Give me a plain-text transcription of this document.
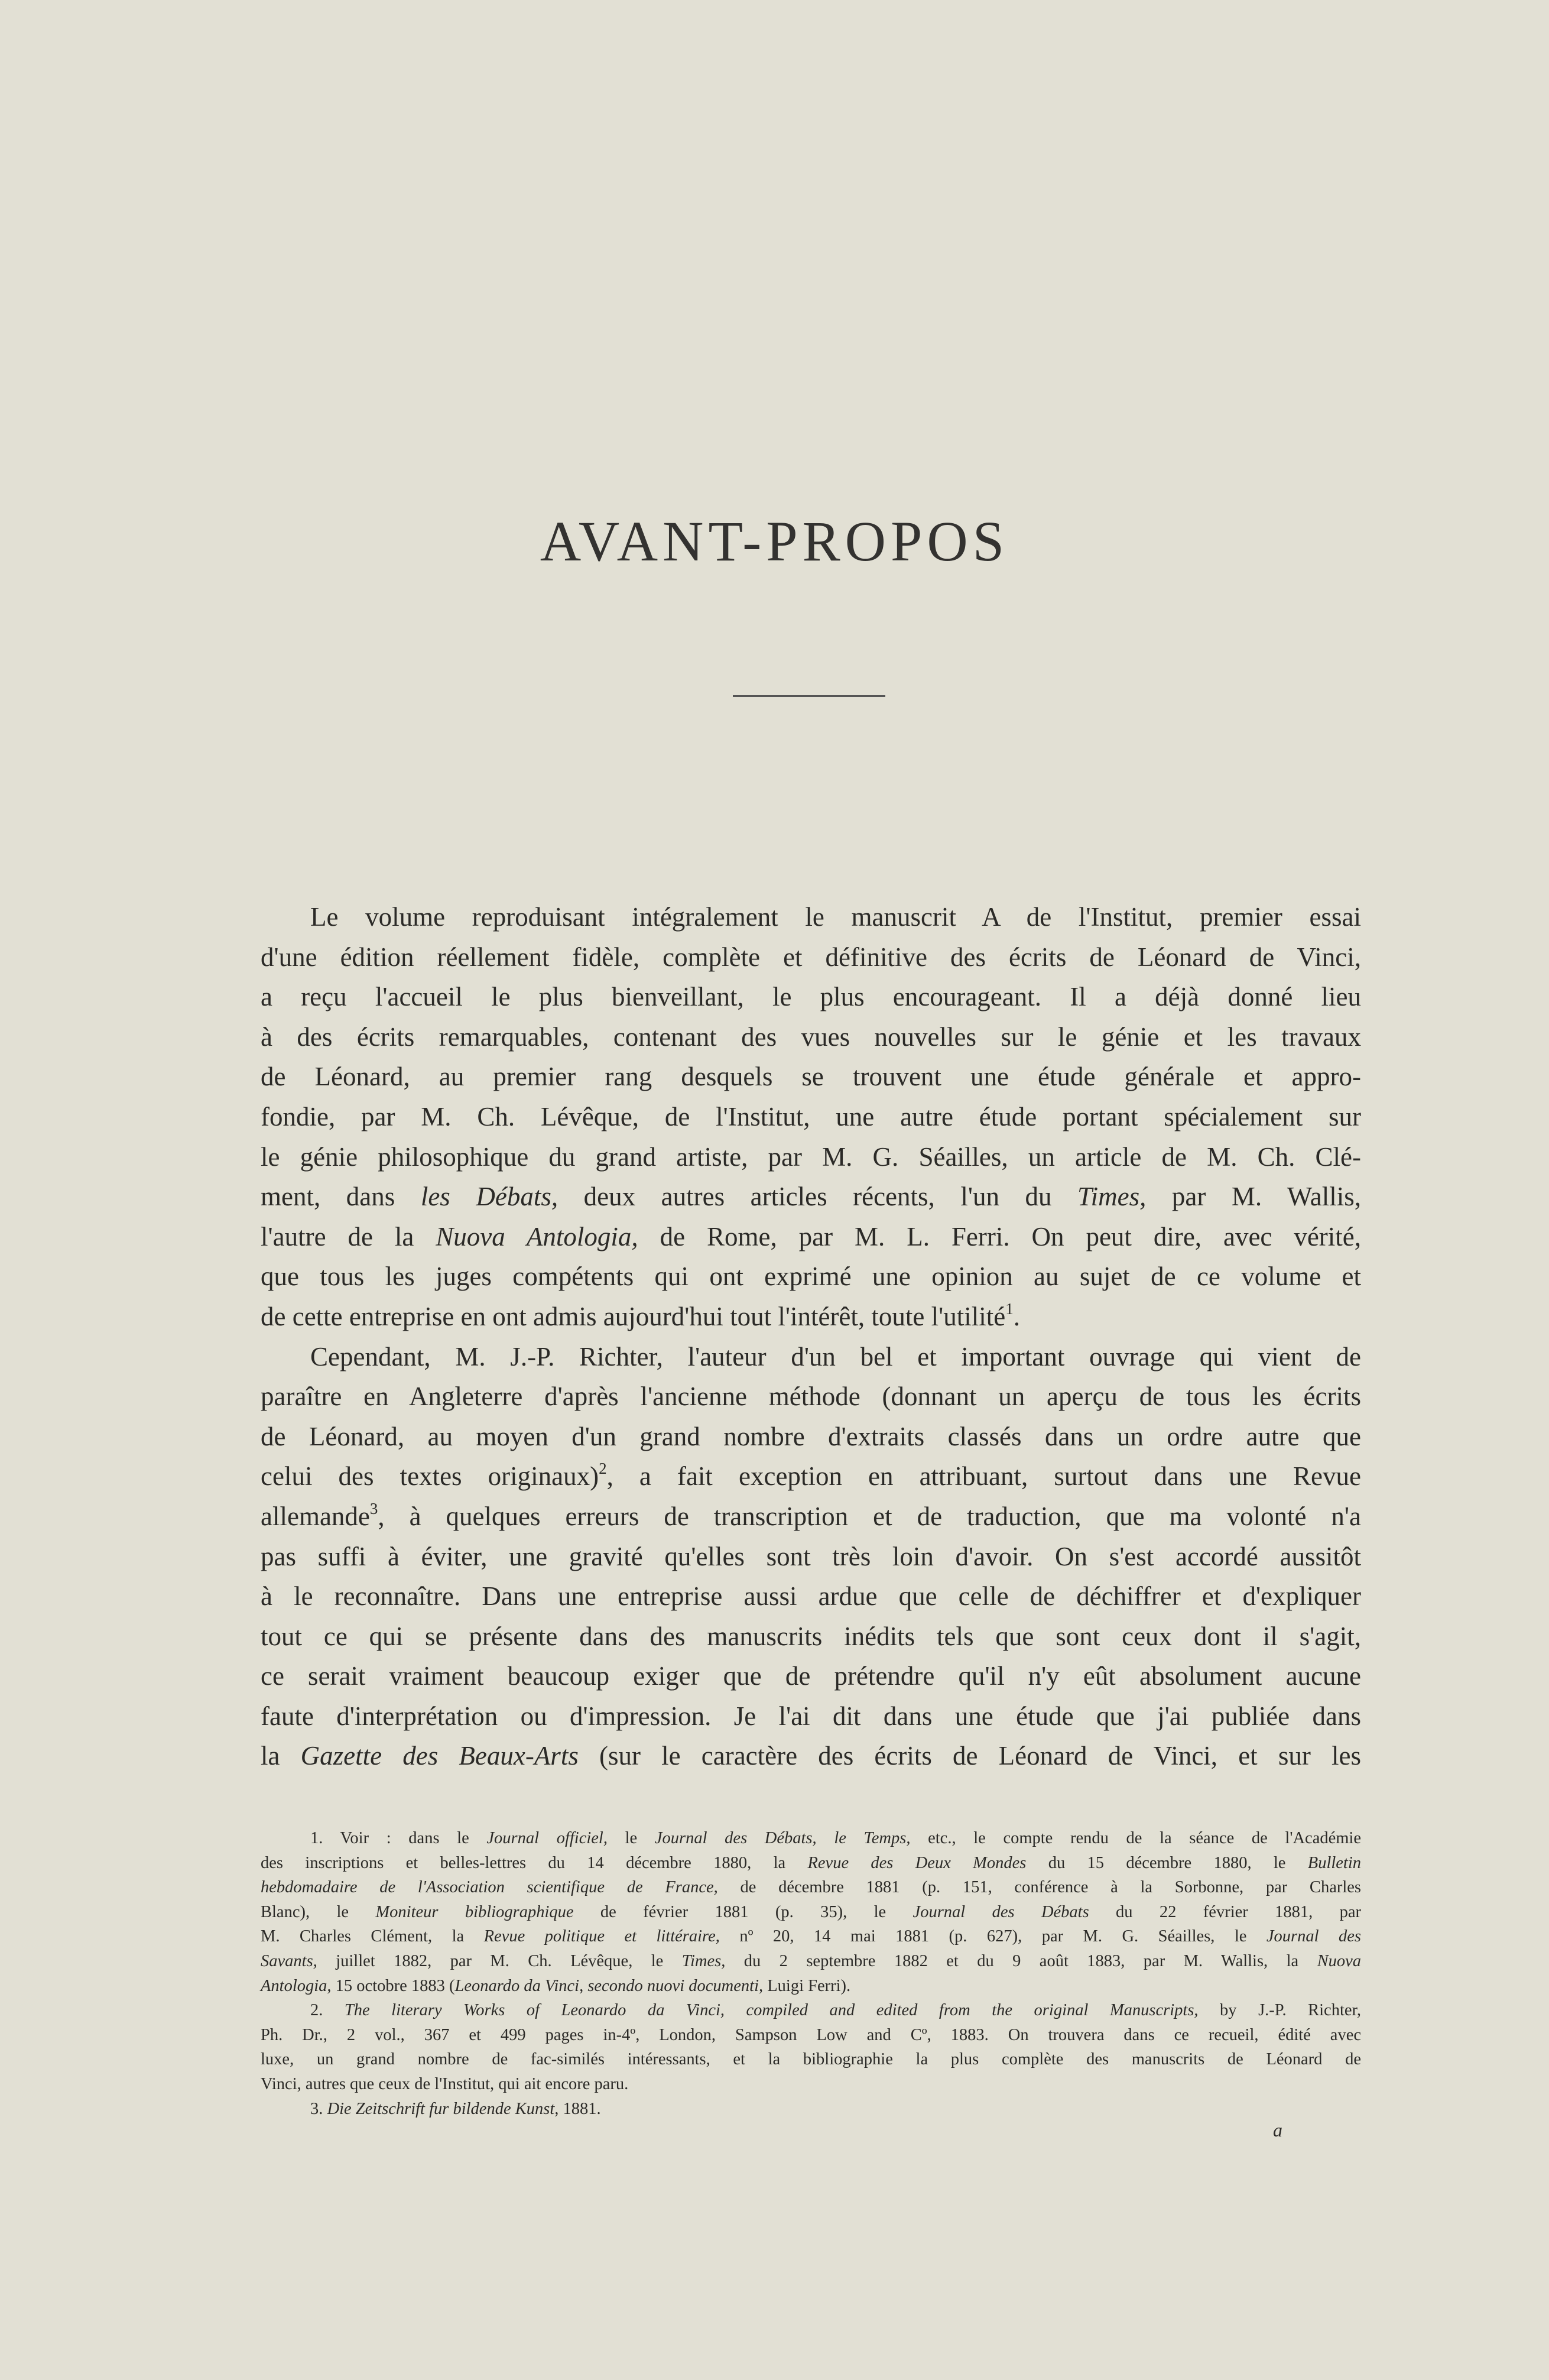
AVANT-PROPOS
Le volume reproduisant intégralement le manuscrit A de l'Institut, premier essai
d'une édition réellement fidèle, complète et définitive des écrits de Léonard de Vinci,
a reçu l'accueil le plus bienveillant, le plus encourageant. Il a déjà donné lieu
à des écrits remarquables, contenant des vues nouvelles sur le génie et les travaux
de Léonard, au premier rang desquels se trouvent une étude générale et appro-
fondie, par M. Ch. Lévêque, de l'Institut, une autre étude portant spécialement sur
le génie philosophique du grand artiste, par M. G. Séailles, un article de M. Ch. Clé-
ment, dans les Débats, deux autres articles récents, l'un du Times, par M. Wallis,
l'autre de la Nuova Antologia, de Rome, par M. L. Ferri. On peut dire, avec vérité,
que tous les juges compétents qui ont exprimé une opinion au sujet de ce volume et
de cette entreprise en ont admis aujourd'hui tout l'intérêt, toute l'utilité$^1$.
Cependant, M. J.-P. Richter, l'auteur d'un bel et important ouvrage qui vient de
paraître en Angleterre d'après l'ancienne méthode (donnant un aperçu de tous les écrits
de Léonard, au moyen d'un grand nombre d'extraits classés dans un ordre autre que
celui des textes originaux)$^2$, a fait exception en attribuant, surtout dans une Revue
allemande$^3$, à quelques erreurs de transcription et de traduction, que ma volonté n'a
pas suffi à éviter, une gravité qu'elles sont très loin d'avoir. On s'est accordé aussitôt
à le reconnaître. Dans une entreprise aussi ardue que celle de déchiffrer et d'expliquer
tout ce qui se présente dans des manuscrits inédits tels que sont ceux dont il s'agit,
ce serait vraiment beaucoup exiger que de prétendre qu'il n'y eût absolument aucune
faute d'interprétation ou d'impression. Je l'ai dit dans une étude que j'ai publiée dans
la Gazette des Beaux-Arts (sur le caractère des écrits de Léonard de Vinci, et sur les
1. Voir : dans le Journal officiel, le Journal des Débats, le Temps, etc., le compte rendu de la séance de l'Académie
des inscriptions et belles-lettres du 14 décembre 1880, la Revue des Deux Mondes du 15 décembre 1880, le Bulletin
hebdomadaire de l'Association scientifique de France, de décembre 1881 (p. 151, conférence à la Sorbonne, par Charles
Blanc), le Moniteur bibliographique de février 1881 (p. 35), le Journal des Débats du 22 février 1881, par
M. Charles Clément, la Revue politique et littéraire, nº 20, 14 mai 1881 (p. 627), par M. G. Séailles, le Journal des
Savants, juillet 1882, par M. Ch. Lévêque, le Times, du 2 septembre 1882 et du 9 août 1883, par M. Wallis, la Nuova
Antologia, 15 octobre 1883 (Leonardo da Vinci, secondo nuovi documenti, Luigi Ferri).
2. The literary Works of Leonardo da Vinci, compiled and edited from the original Manuscripts, by J.-P. Richter,
Ph. Dr., 2 vol., 367 et 499 pages in-4º, London, Sampson Low and Cº, 1883. On trouvera dans ce recueil, édité avec
luxe, un grand nombre de fac-similés intéressants, et la bibliographie la plus complète des manuscrits de Léonard de
Vinci, autres que ceux de l'Institut, qui ait encore paru.
3. Die Zeitschrift fur bildende Kunst, 1881.
a
